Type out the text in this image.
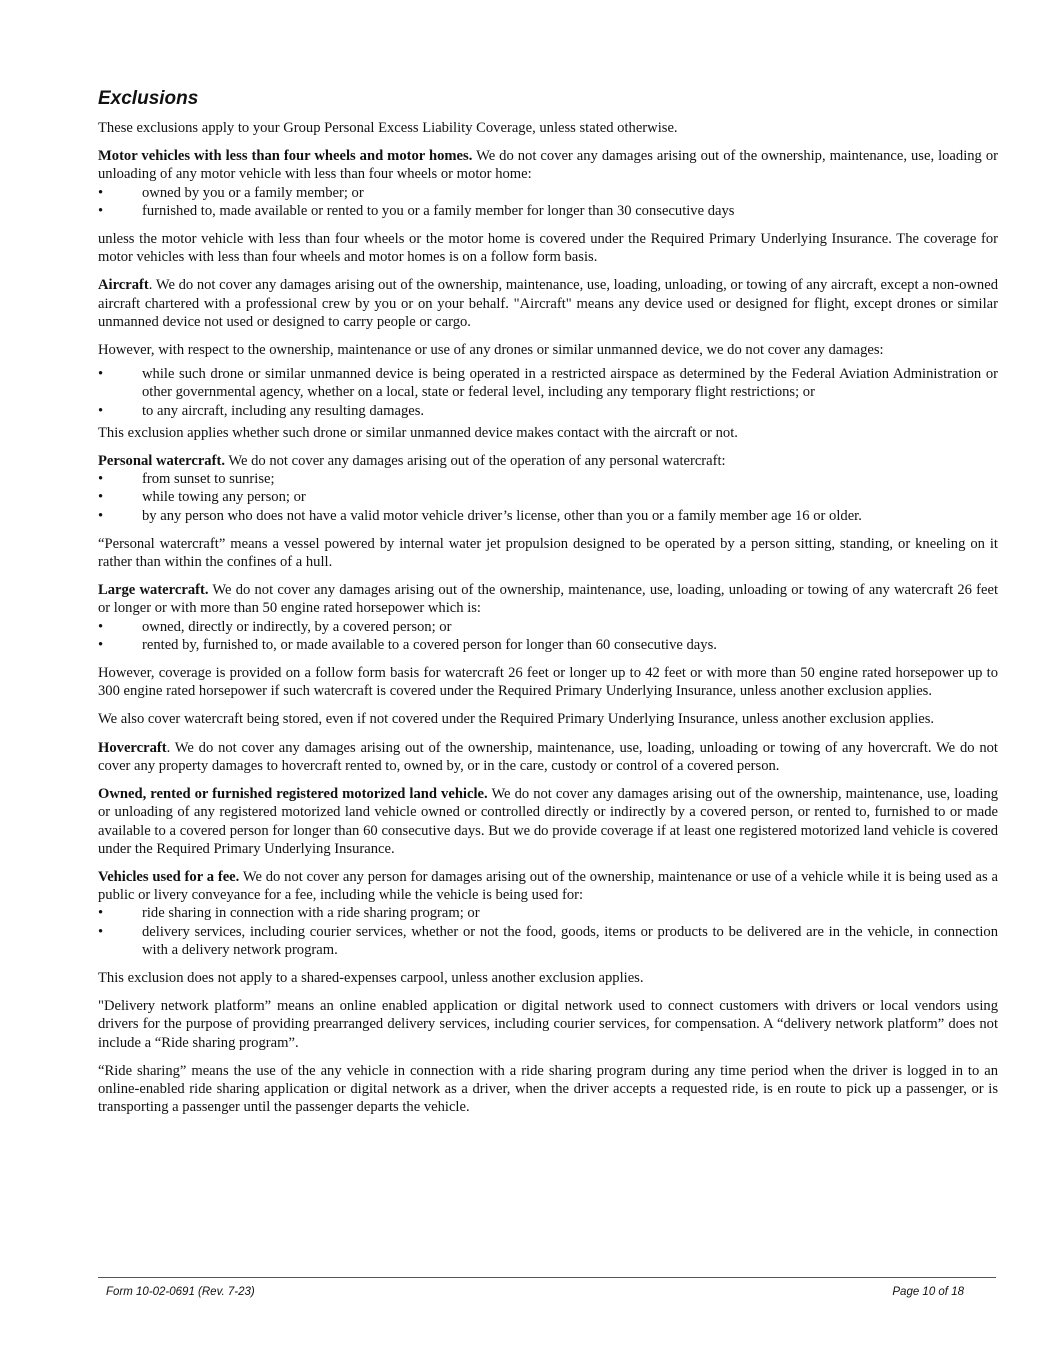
Exclusions

These exclusions apply to your Group Personal Excess Liability Coverage, unless stated otherwise.

Motor vehicles with less than four wheels and motor homes. We do not cover any damages arising out of the ownership, maintenance, use, loading or unloading of any motor vehicle with less than four wheels or motor home:

•	owned by you or a family member; or
•	furnished to, made available or rented to you or a family member for longer than 30 consecutive days

unless the motor vehicle with less than four wheels or the motor home is covered under the Required Primary Underlying Insurance. The coverage for motor vehicles with less than four wheels and motor homes is on a follow form basis.

Aircraft. We do not cover any damages arising out of the ownership, maintenance, use, loading, unloading, or towing of any aircraft, except a non-owned aircraft chartered with a professional crew by you or on your behalf. "Aircraft" means any device used or designed for flight, except drones or similar unmanned device not used or designed to carry people or cargo.

However, with respect to the ownership, maintenance or use of any drones or similar unmanned device, we do not cover any damages:

•	while such drone or similar unmanned device is being operated in a restricted airspace as determined by the Federal Aviation Administration or other governmental agency, whether on a local, state or federal level, including any temporary flight restrictions; or
•	to any aircraft, including any resulting damages.

This exclusion applies whether such drone or similar unmanned device makes contact with the aircraft or not.

Personal watercraft. We do not cover any damages arising out of the operation of any personal watercraft:

•	from sunset to sunrise;
•	while towing any person; or
•	by any person who does not have a valid motor vehicle driver’s license, other than you or a family member age 16 or older.

“Personal watercraft” means a vessel powered by internal water jet propulsion designed to be operated by a person sitting, standing, or kneeling on it rather than within the confines of a hull.

Large watercraft. We do not cover any damages arising out of the ownership, maintenance, use, loading, unloading or towing of any watercraft 26 feet or longer or with more than 50 engine rated horsepower which is:

•	owned, directly or indirectly, by a covered person; or
•	rented by, furnished to, or made available to a covered person for longer than 60 consecutive days.

However, coverage is provided on a follow form basis for watercraft 26 feet or longer up to 42 feet or with more than 50 engine rated horsepower up to 300 engine rated horsepower if such watercraft is covered under the Required Primary Underlying Insurance, unless another exclusion applies.

We also cover watercraft being stored, even if not covered under the Required Primary Underlying Insurance, unless another exclusion applies.

Hovercraft. We do not cover any damages arising out of the ownership, maintenance, use, loading, unloading or towing of any hovercraft. We do not cover any property damages to hovercraft rented to, owned by, or in the care, custody or control of a covered person.

Owned, rented or furnished registered motorized land vehicle. We do not cover any damages arising out of the ownership, maintenance, use, loading or unloading of any registered motorized land vehicle owned or controlled directly or indirectly by a covered person, or rented to, furnished to or made available to a covered person for longer than 60 consecutive days. But we do provide coverage if at least one registered motorized land vehicle is covered under the Required Primary Underlying Insurance.

Vehicles used for a fee. We do not cover any person for damages arising out of the ownership, maintenance or use of a vehicle while it is being used as a public or livery conveyance for a fee, including while the vehicle is being used for:

•	ride sharing in connection with a ride sharing program; or
•	delivery services, including courier services, whether or not the food, goods, items or products to be delivered are in the vehicle, in connection with a delivery network program.

This exclusion does not apply to a shared-expenses carpool, unless another exclusion applies.

"Delivery network platform” means an online enabled application or digital network used to connect customers with drivers or local vendors using drivers for the purpose of providing prearranged delivery services, including courier services, for compensation. A “delivery network platform” does not include a “Ride sharing program”.

“Ride sharing” means the use of the any vehicle in connection with a ride sharing program during any time period when the driver is logged in to an online-enabled ride sharing application or digital network as a driver, when the driver accepts a requested ride, is en route to pick up a passenger, or is transporting a passenger until the passenger departs the vehicle.

Form 10-02-0691 (Rev. 7-23)	Page 10 of 18
